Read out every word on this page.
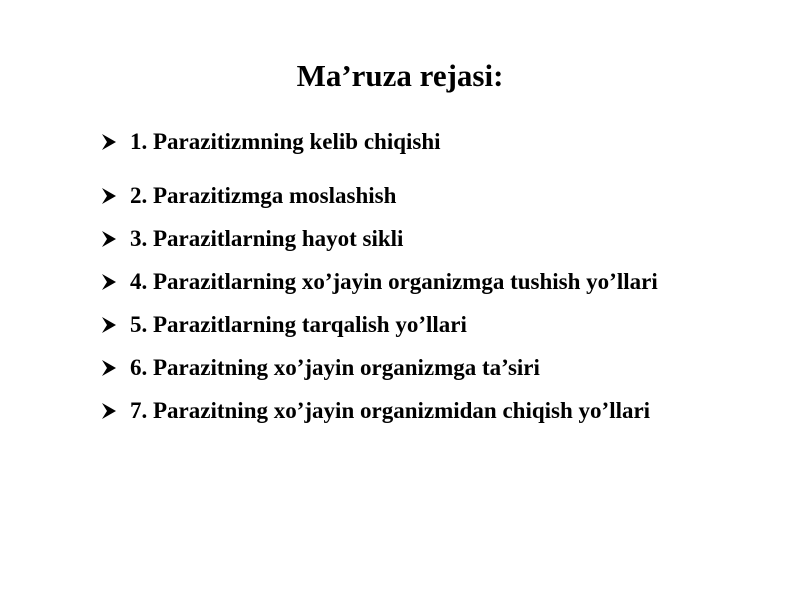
Ma’ruza rejasi:
1. Parazitizmning kelib chiqishi
2. Parazitizmga moslashish
3. Parazitlarning hayot sikli
4. Parazitlarning xo’jayin organizmga tushish yo’llari
5. Parazitlarning tarqalish yo’llari
6. Parazitning xo’jayin organizmga ta’siri
7. Parazitning xo’jayin organizmidan chiqish yo’llari
